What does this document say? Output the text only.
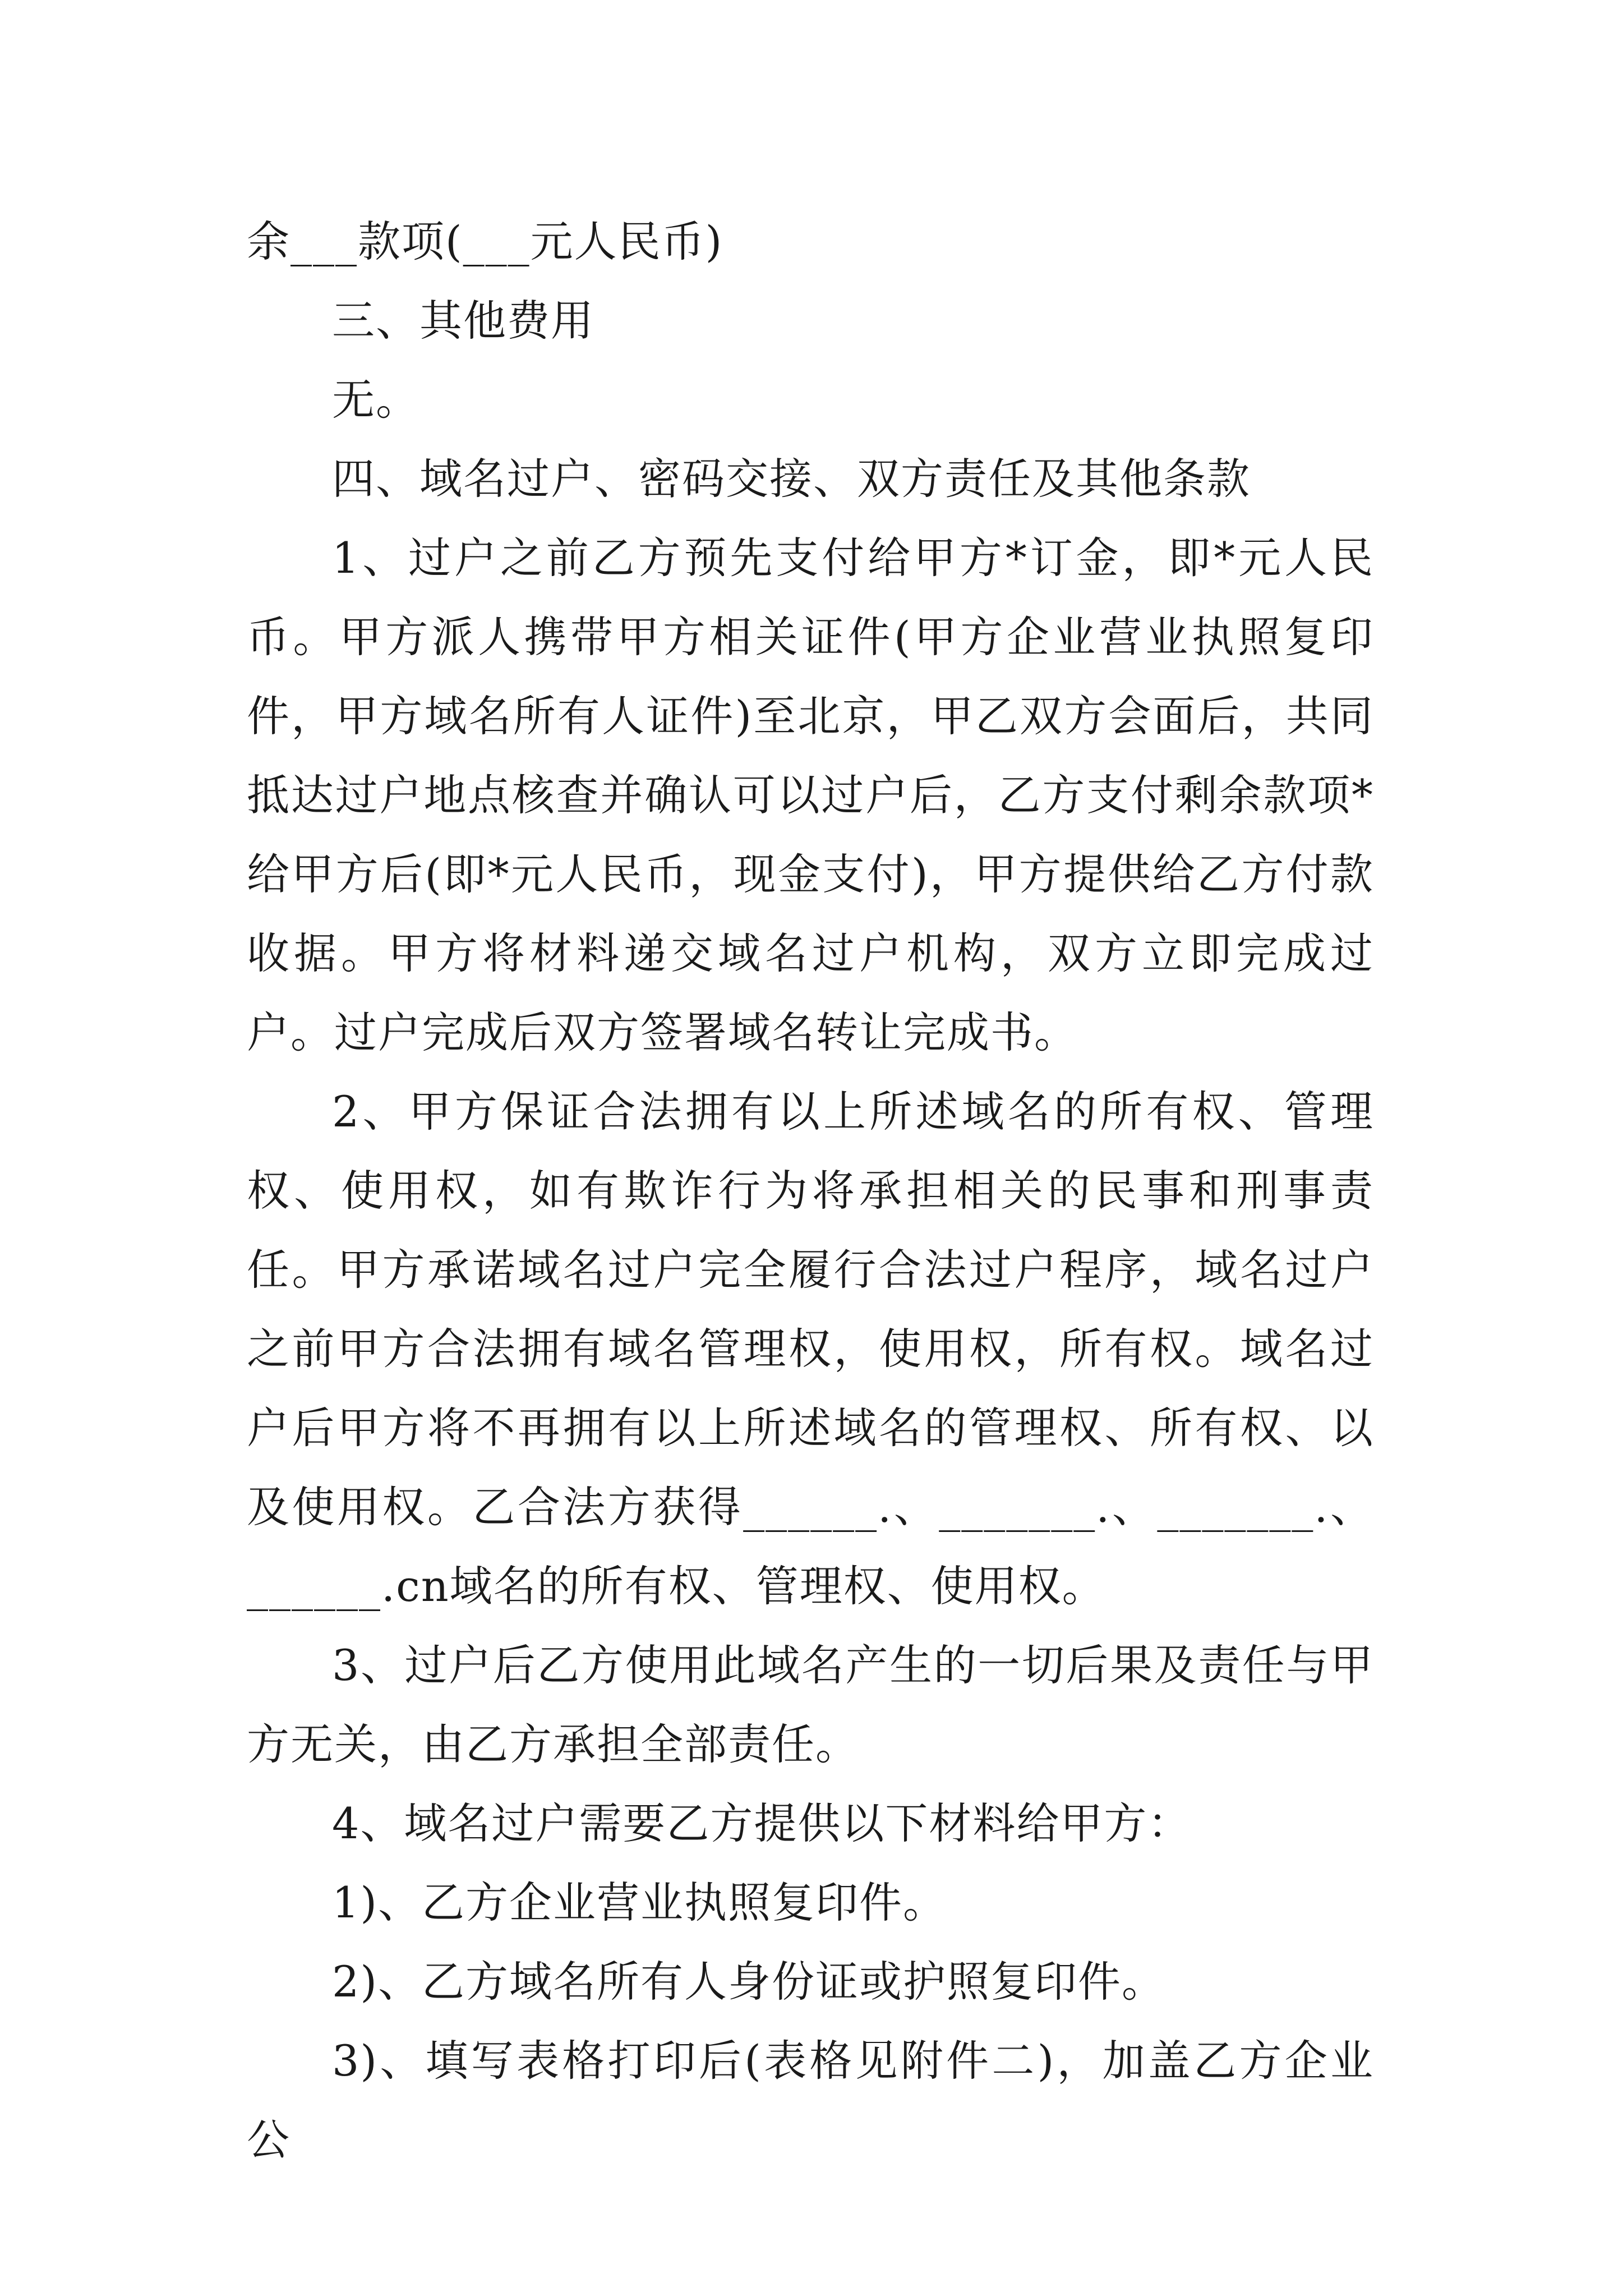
余___款项(___元人民币)

三、其他费用

无。

四、域名过户、密码交接、双方责任及其他条款

1、过户之前乙方预先支付给甲方*订金，即*元人民币。甲方派人携带甲方相关证件(甲方企业营业执照复印件，甲方域名所有人证件)至北京，甲乙双方会面后，共同抵达过户地点核查并确认可以过户后，乙方支付剩余款项*给甲方后(即*元人民币，现金支付)，甲方提供给乙方付款收据。甲方将材料递交域名过户机构，双方立即完成过户。过户完成后双方签署域名转让完成书。

2、甲方保证合法拥有以上所述域名的所有权、管理权、使用权，如有欺诈行为将承担相关的民事和刑事责任。甲方承诺域名过户完全履行合法过户程序，域名过户之前甲方合法拥有域名管理权，使用权，所有权。域名过户后甲方将不再拥有以上所述域名的管理权、所有权、以及使用权。乙合法方获得______.、_______.、_______.、______.cn域名的所有权、管理权、使用权。

3、过户后乙方使用此域名产生的一切后果及责任与甲方无关，由乙方承担全部责任。

4、域名过户需要乙方提供以下材料给甲方：

1)、乙方企业营业执照复印件。

2)、乙方域名所有人身份证或护照复印件。

3)、填写表格打印后(表格见附件二)，加盖乙方企业公
